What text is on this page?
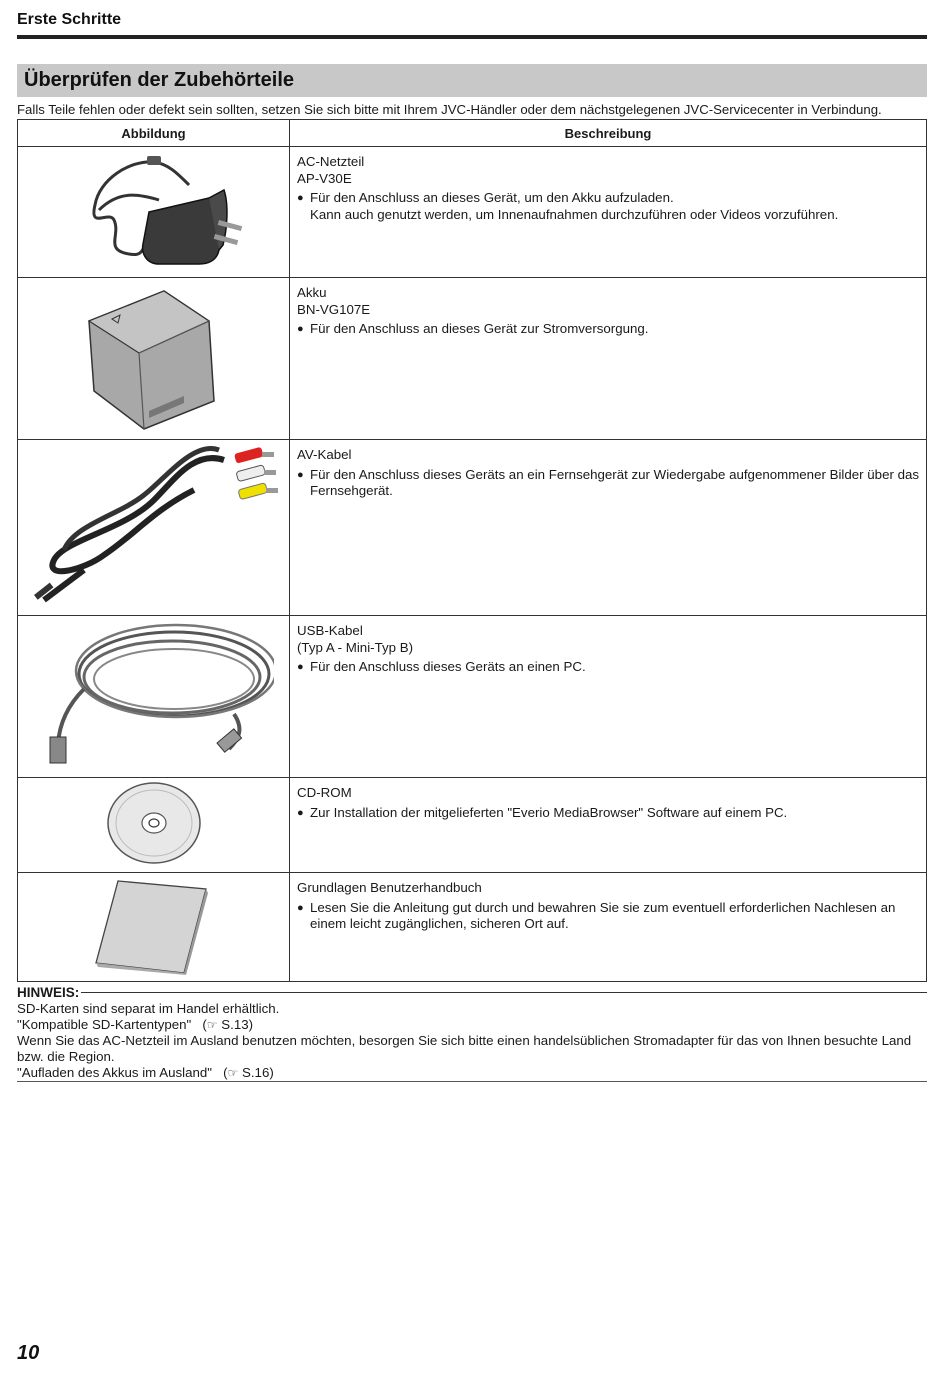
Erste Schritte
Überprüfen der Zubehörteile
Falls Teile fehlen oder defekt sein sollten, setzen Sie sich bitte mit Ihrem JVC-Händler oder dem nächstgelegenen JVC-Servicecenter in Verbindung.
Abbildung	Beschreibung

AC-Netzteil
AP-V30E
● Für den Anschluss an dieses Gerät, um den Akku aufzuladen.
Kann auch genutzt werden, um Innenaufnahmen durchzuführen oder Videos vorzuführen.

Akku
BN-VG107E
● Für den Anschluss an dieses Gerät zur Stromversorgung.

AV-Kabel
● Für den Anschluss dieses Geräts an ein Fernsehgerät zur Wiedergabe aufgenommener Bilder über das Fernsehgerät.

USB-Kabel
(Typ A - Mini-Typ B)
● Für den Anschluss dieses Geräts an einen PC.

CD-ROM
● Zur Installation der mitgelieferten "Everio MediaBrowser" Software auf einem PC.

Grundlagen Benutzerhandbuch
● Lesen Sie die Anleitung gut durch und bewahren Sie sie zum eventuell erforderlichen Nachlesen an einem leicht zugänglichen, sicheren Ort auf.
HINWEIS:
SD-Karten sind separat im Handel erhältlich.
"Kompatible SD-Kartentypen"   (☞ S.13)
Wenn Sie das AC-Netzteil im Ausland benutzen möchten, besorgen Sie sich bitte einen handelsüblichen Stromadapter für das von Ihnen besuchte Land bzw. die Region.
"Aufladen des Akkus im Ausland"   (☞ S.16)
10
